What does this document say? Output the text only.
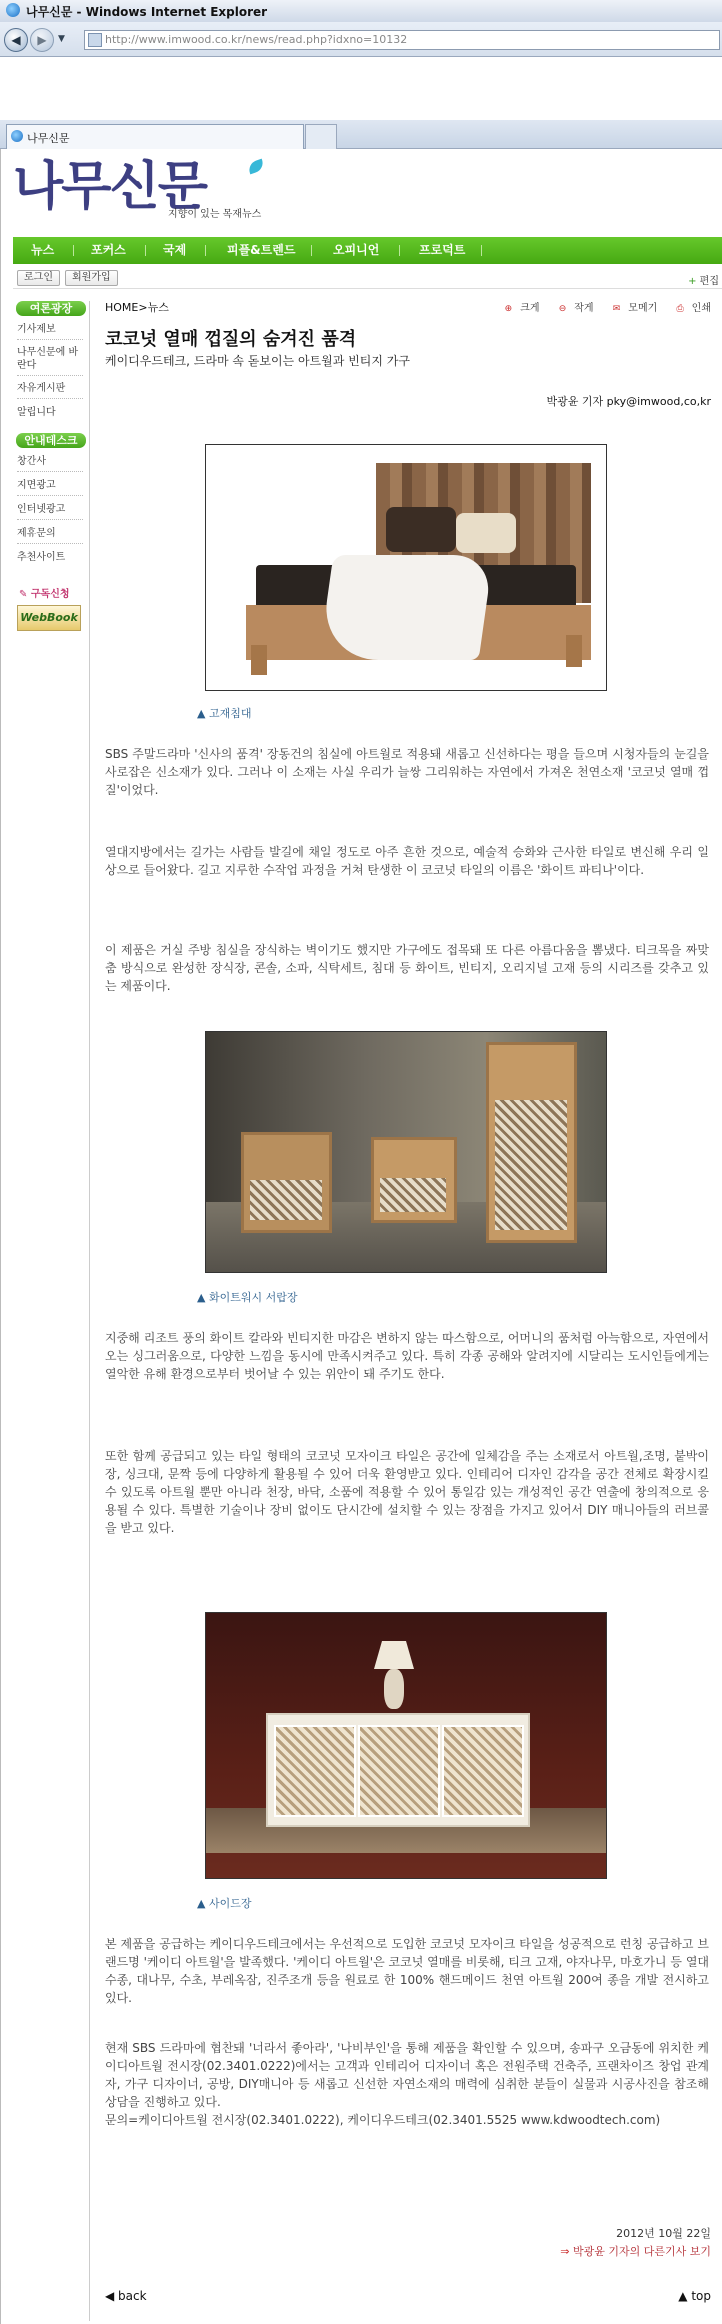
나무신문 - Windows Internet Explorer
◀	▶	▼	http://www.imwood.co.kr/news/read.php?idxno=10132
나무신문
나무신문
지향이 있는 목재뉴스
뉴스	포커스	국제	피플&트렌드	오피니언	프로덕트
로그인	회원가입	+ 편집
여론광장
기사제보
나무신문에 바란다
자유게시판
알립니다
안내데스크
창간사
지면광고
인터넷광고
제휴문의
추천사이트
✎ 구독신청
WebBook
HOME>뉴스	⊕ 크게 ⊖ 작게 ✉ 모메기 ⎙ 인쇄
코코넛 열매 껍질의 숨겨진 품격
케이디우드테크, 드라마 속 돋보이는 아트월과 빈티지 가구
박광윤 기자 pky@imwood,co,kr
▲ 고재침대
SBS 주말드라마 '신사의 품격' 장동건의 침실에 아트월로 적용돼 새롭고 신선하다는 평을 들으며 시청자들의 눈길을 사로잡은 신소재가 있다. 그러나 이 소재는 사실 우리가 늘쌍 그리워하는 자연에서 가져온 천연소재 '코코넛 열매 껍질'이었다.
열대지방에서는 길가는 사람들 발길에 채일 정도로 아주 흔한 것으로, 예술적 승화와 근사한 타일로 변신해 우리 일상으로 들어왔다. 길고 지루한 수작업 과정을 거쳐 탄생한 이 코코넛 타일의 이름은 '화이트 파티나'이다.
이 제품은 거실 주방 침실을 장식하는 벽이기도 했지만 가구에도 접목돼 또 다른 아름다움을 뽐냈다. 티크목을 짜맞춤 방식으로 완성한 장식장, 콘솔, 소파, 식탁세트, 침대 등 화이트, 빈티지, 오리지널 고재 등의 시리즈를 갖추고 있는 제품이다.
▲ 화이트워시 서랍장
지중해 리조트 풍의 화이트 칼라와 빈티지한 마감은 변하지 않는 따스함으로, 어머니의 품처럼 아늑함으로, 자연에서 오는 싱그러움으로, 다양한 느낌을 동시에 만족시켜주고 있다. 특히 각종 공해와 알려지에 시달리는 도시인들에게는 열악한 유해 환경으로부터 벗어날 수 있는 위안이 돼 주기도 한다.
또한 함께 공급되고 있는 타일 형태의 코코넛 모자이크 타일은 공간에 일체감을 주는 소재로서 아트월,조명, 붙박이장, 싱크대, 문짝 등에 다양하게 활용될 수 있어 더욱 환영받고 있다. 인테리어 디자인 감각을 공간 전체로 확장시킬 수 있도록 아트월 뿐만 아니라 천장, 바닥, 소품에 적용할 수 있어 통일감 있는 개성적인 공간 연출에 창의적으로 응용될 수 있다. 특별한 기술이나 장비 없이도 단시간에 설치할 수 있는 장점을 가지고 있어서 DIY 매니아들의 러브콜을 받고 있다.
▲ 사이드장
본 제품을 공급하는 케이디우드테크에서는 우선적으로 도입한 코코넛 모자이크 타일을 성공적으로 런칭 공급하고 브랜드명 '케이디 아트월'을 발족했다. '케이디 아트월'은 코코넛 열매를 비롯해, 티크 고재, 야자나무, 마호가니 등 열대 수종, 대나무, 수초, 부레옥잠, 진주조개 등을 원료로 한 100% 핸드메이드 천연 아트월 200여 종을 개발 전시하고 있다.
현재 SBS 드라마에 협찬돼 '너라서 좋아라', '나비부인'을 통해 제품을 확인할 수 있으며, 송파구 오금동에 위치한 케이디아트월 전시장(02.3401.0222)에서는 고객과 인테리어 디자이너 혹은 전원주택 건축주, 프랜차이즈 창업 관계자, 가구 디자이너, 공방, DIY매니아 등 새롭고 신선한 자연소재의 매력에 심취한 분들이 실물과 시공사진을 참조해 상담을 진행하고 있다.
문의=케이디아트월 전시장(02.3401.0222), 케이디우드테크(02.3401.5525 www.kdwoodtech.com)
2012년 10월 22일
⇒ 박광윤 기자의 다른기사 보기
◀ back	▲ top
